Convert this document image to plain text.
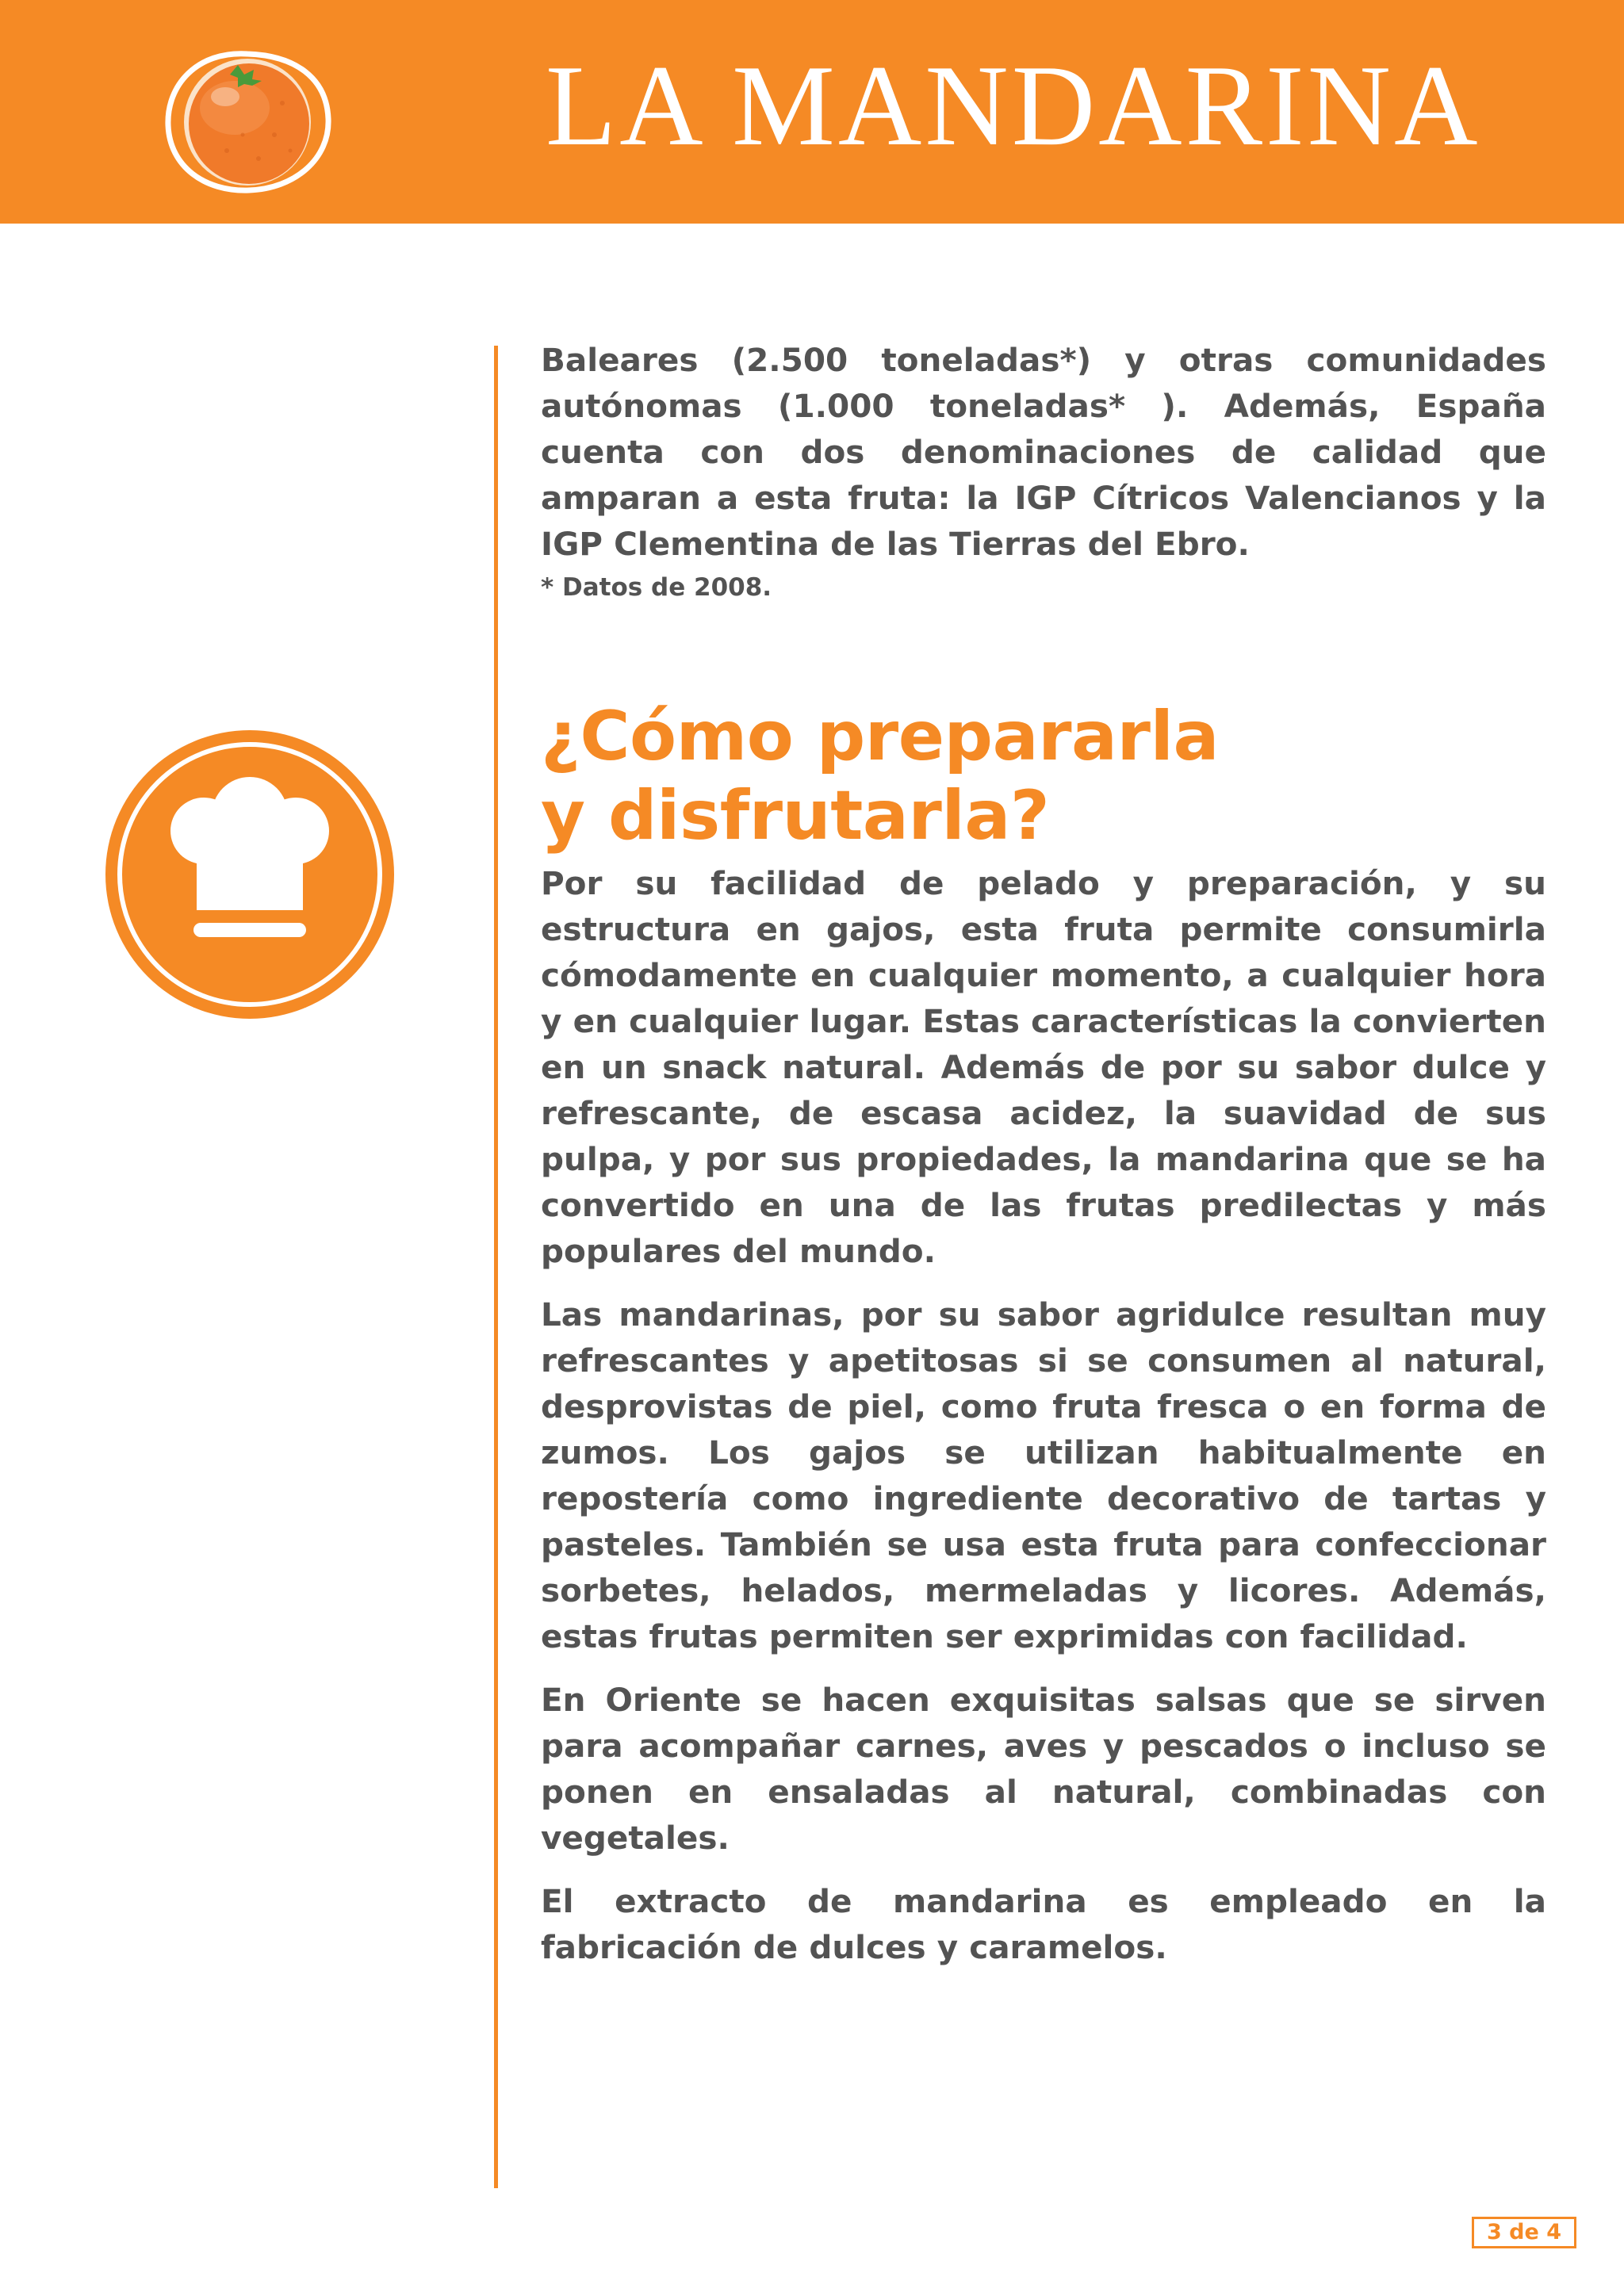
LA MANDARINA

Baleares (2.500 toneladas*) y otras comunidades autónomas (1.000 toneladas* ). Además, España cuenta con dos denominaciones de calidad que amparan a esta fruta: la IGP Cítricos Valencianos y la IGP Clementina de las Tierras del Ebro.

* Datos de 2008.

¿Cómo prepararla
y disfrutarla?

Por su facilidad de pelado y preparación, y su estructura en gajos, esta fruta permite consumirla cómodamente en cualquier momento, a cualquier hora y en cualquier lugar. Estas características la convierten en un snack natural. Además de por su sabor dulce y refrescante, de escasa acidez, la suavidad de sus pulpa, y por sus propiedades, la mandarina que se ha convertido en una de las frutas predilectas y más populares del mundo.

Las mandarinas, por su sabor agridulce resultan muy refrescantes y apetitosas si se consumen al natural, desprovistas de piel, como fruta fresca o en forma de zumos. Los gajos se utilizan habitualmente en repostería como ingrediente decorativo de tartas y pasteles. También se usa esta fruta para confeccionar sorbetes, helados, mermeladas y licores. Además, estas frutas permiten ser exprimidas con facilidad.

En Oriente se hacen exquisitas salsas que se sirven para acompañar carnes, aves y pescados o incluso se ponen en ensaladas al natural, combinadas con vegetales.

El extracto de mandarina es empleado en la fabricación de dulces y caramelos.

3 de 4
